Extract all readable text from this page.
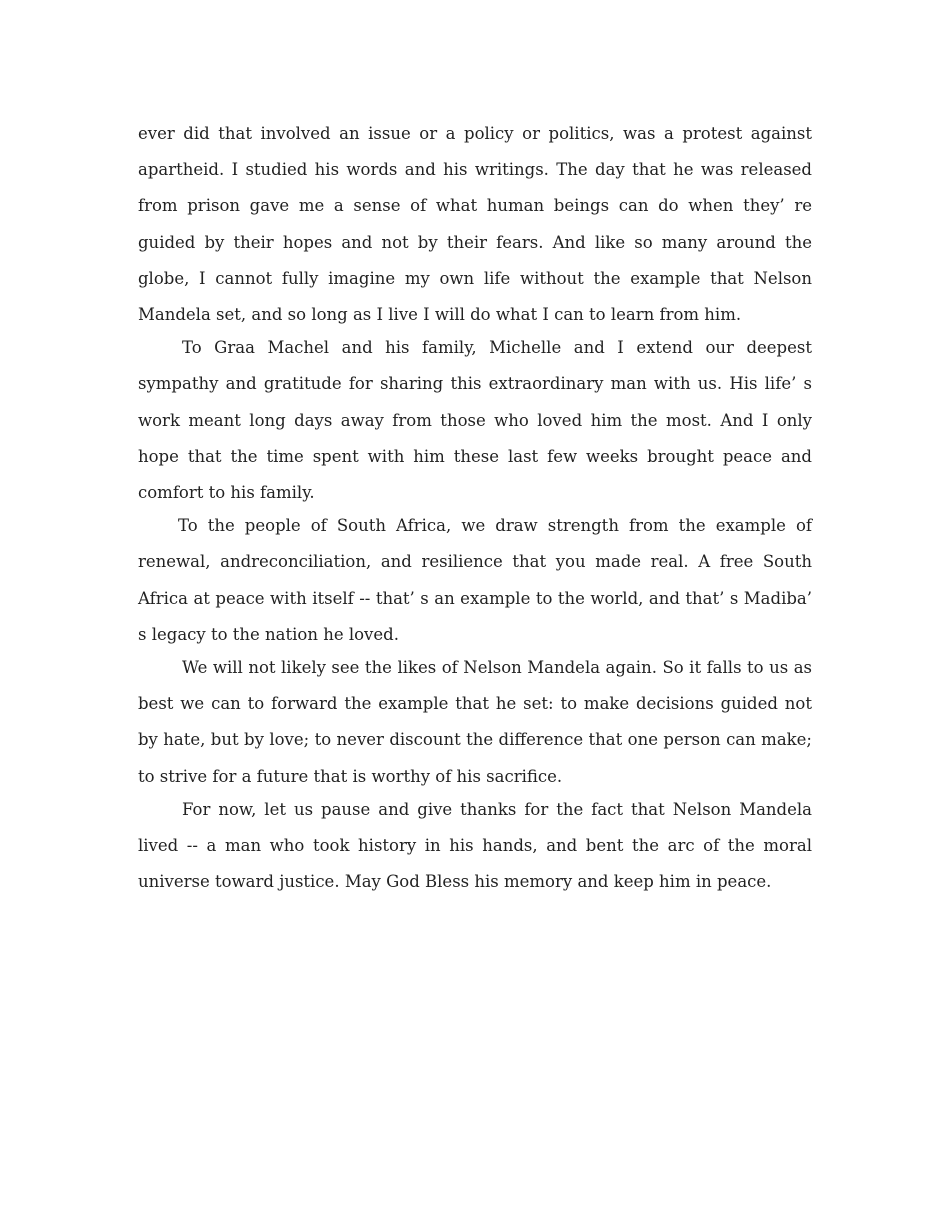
ever did that involved an issue or a policy or politics, was a protest against apartheid. I studied his words and his writings. The day that he was released from prison gave me a sense of what human beings can do when they’ re guided by their hopes and not by their fears. And like so many around the globe, I cannot fully imagine my own life without the example that Nelson Mandela set, and so long as I live I will do what I can to learn from him.

To Graa Machel and his family, Michelle and I extend our deepest sympathy and gratitude for sharing this extraordinary man with us. His life’ s work meant long days away from those who loved him the most. And I only hope that the time spent with him these last few weeks brought peace and comfort to his family.

To the people of South Africa, we draw strength from the example of renewal, andreconciliation, and resilience that you made real. A free South Africa at peace with itself -- that’ s an example to the world, and that’ s Madiba’ s legacy to the nation he loved.

We will not likely see the likes of Nelson Mandela again. So it falls to us as best we can to forward the example that he set: to make decisions guided not by hate, but by love; to never discount the difference that one person can make; to strive for a future that is worthy of his sacrifice.

For now, let us pause and give thanks for the fact that Nelson Mandela lived -- a man who took history in his hands, and bent the arc of the moral universe toward justice. May God Bless his memory and keep him in peace.
